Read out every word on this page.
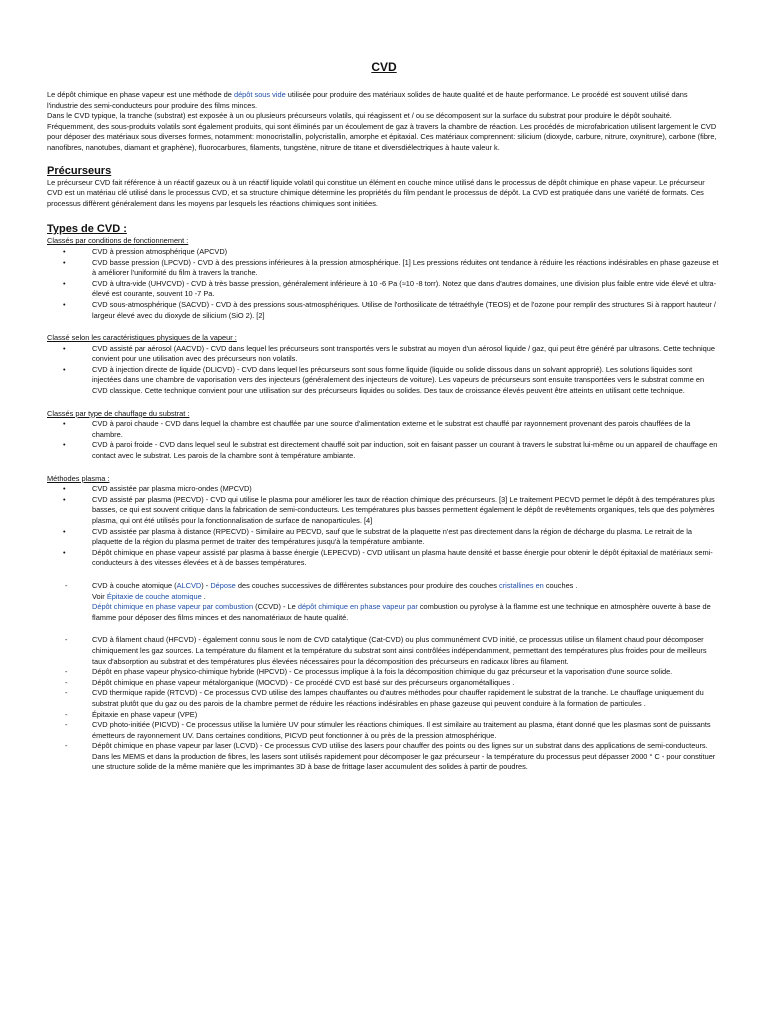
CVD

Le dépôt chimique en phase vapeur est une méthode de dépôt sous vide utilisée pour produire des matériaux solides de haute qualité et de haute performance. Le procédé est souvent utilisé dans l'industrie des semi-conducteurs pour produire des films minces.

Dans le CVD typique, la tranche (substrat) est exposée à un ou plusieurs précurseurs volatils, qui réagissent et / ou se décomposent sur la surface du substrat pour produire le dépôt souhaité. Fréquemment, des sous-produits volatils sont également produits, qui sont éliminés par un écoulement de gaz à travers la chambre de réaction. Les procédés de microfabrication utilisent largement le CVD pour déposer des matériaux sous diverses formes, notamment: monocristallin, polycristallin, amorphe et épitaxial. Ces matériaux comprennent: silicium (dioxyde, carbure, nitrure, oxynitrure), carbone (fibre, nanofibres, nanotubes, diamant et graphène), fluorocarbures, filaments, tungstène, nitrure de titane et diversdiélectriques à haute valeur k.

Précurseurs

Le précurseur CVD fait référence à un réactif gazeux ou à un réactif liquide volatil qui constitue un élément en couche mince utilisé dans le processus de dépôt chimique en phase vapeur. Le précurseur CVD est un matériau clé utilisé dans le processus CVD, et sa structure chimique détermine les propriétés du film pendant le processus de dépôt. La CVD est pratiquée dans une variété de formats. Ces processus diffèrent généralement dans les moyens par lesquels les réactions chimiques sont initiées.

Types de CVD :
Classés par conditions de fonctionnement :
• CVD à pression atmosphérique (APCVD)
• CVD basse pression (LPCVD) - CVD à des pressions inférieures à la pression atmosphérique. [1] Les pressions réduites ont tendance à réduire les réactions indésirables en phase gazeuse et à améliorer l'uniformité du film à travers la tranche.
• CVD à ultra-vide (UHVCVD) - CVD à très basse pression, généralement inférieure à 10 -6 Pa (≈10 -8 torr). Notez que dans d'autres domaines, une division plus faible entre vide élevé et ultra-élevé est courante, souvent 10 -7 Pa.
• CVD sous-atmosphérique (SACVD) - CVD à des pressions sous-atmosphériques. Utilise de l'orthosilicate de tétraéthyle (TEOS) et de l'ozone pour remplir des structures Si à rapport hauteur / largeur élevé avec du dioxyde de silicium (SiO 2). [2]
Classé selon les caractéristiques physiques de la vapeur :
• CVD assisté par aérosol (AACVD) - CVD dans lequel les précurseurs sont transportés vers le substrat au moyen d'un aérosol liquide / gaz, qui peut être généré par ultrasons. Cette technique convient pour une utilisation avec des précurseurs non volatils.
• CVD à injection directe de liquide (DLICVD) - CVD dans lequel les précurseurs sont sous forme liquide (liquide ou solide dissous dans un solvant approprié). Les solutions liquides sont injectées dans une chambre de vaporisation vers des injecteurs (généralement des injecteurs de voiture). Les vapeurs de précurseurs sont ensuite transportées vers le substrat comme en CVD classique. Cette technique convient pour une utilisation sur des précurseurs liquides ou solides. Des taux de croissance élevés peuvent être atteints en utilisant cette technique.
Classés par type de chauffage du substrat :
• CVD à paroi chaude - CVD dans lequel la chambre est chauffée par une source d'alimentation externe et le substrat est chauffé par rayonnement provenant des parois chauffées de la chambre.
• CVD à paroi froide - CVD dans lequel seul le substrat est directement chauffé soit par induction, soit en faisant passer un courant à travers le substrat lui-même ou un appareil de chauffage en contact avec le substrat. Les parois de la chambre sont à température ambiante.
Méthodes plasma :
• CVD assistée par plasma micro-ondes (MPCVD)
• CVD assisté par plasma (PECVD) - CVD qui utilise le plasma pour améliorer les taux de réaction chimique des précurseurs. [3] Le traitement PECVD permet le dépôt à des températures plus basses, ce qui est souvent critique dans la fabrication de semi-conducteurs. Les températures plus basses permettent également le dépôt de revêtements organiques, tels que des polymères plasma, qui ont été utilisés pour la fonctionnalisation de surface de nanoparticules. [4]
• CVD assistée par plasma à distance (RPECVD) - Similaire au PECVD, sauf que le substrat de la plaquette n'est pas directement dans la région de décharge du plasma. Le retrait de la plaquette de la région du plasma permet de traiter des températures jusqu'à la température ambiante.
• Dépôt chimique en phase vapeur assisté par plasma à basse énergie (LEPECVD) - CVD utilisant un plasma haute densité et basse énergie pour obtenir le dépôt épitaxial de matériaux semi-conducteurs à des vitesses élevées et à de basses températures.
- CVD à couche atomique (ALCVD) - Dépose des couches successives de différentes substances pour produire des couches cristallines en couches .
Voir Épitaxie de couche atomique .
Dépôt chimique en phase vapeur par combustion (CCVD) - Le dépôt chimique en phase vapeur par combustion ou pyrolyse à la flamme est une technique en atmosphère ouverte à base de flamme pour déposer des films minces et des nanomatériaux de haute qualité.
- CVD à filament chaud (HFCVD) - également connu sous le nom de CVD catalytique (Cat-CVD) ou plus communément CVD initié, ce processus utilise un filament chaud pour décomposer chimiquement les gaz sources. La température du filament et la température du substrat sont ainsi contrôlées indépendamment, permettant des températures plus froides pour de meilleurs taux d'absorption au substrat et des températures plus élevées nécessaires pour la décomposition des précurseurs en radicaux libres au filament.
- Dépôt en phase vapeur physico-chimique hybride (HPCVD) - Ce processus implique à la fois la décomposition chimique du gaz précurseur et la vaporisation d'une source solide.
- Dépôt chimique en phase vapeur métalorganique (MOCVD) - Ce procédé CVD est basé sur des précurseurs organométalliques .
- CVD thermique rapide (RTCVD) - Ce processus CVD utilise des lampes chauffantes ou d'autres méthodes pour chauffer rapidement le substrat de la tranche. Le chauffage uniquement du substrat plutôt que du gaz ou des parois de la chambre permet de réduire les réactions indésirables en phase gazeuse qui peuvent conduire à la formation de particules .
- Épitaxie en phase vapeur (VPE)
- CVD photo-initiée (PICVD) - Ce processus utilise la lumière UV pour stimuler les réactions chimiques. Il est similaire au traitement au plasma, étant donné que les plasmas sont de puissants émetteurs de rayonnement UV. Dans certaines conditions, PICVD peut fonctionner à ou près de la pression atmosphérique.
- Dépôt chimique en phase vapeur par laser (LCVD) - Ce processus CVD utilise des lasers pour chauffer des points ou des lignes sur un substrat dans des applications de semi-conducteurs. Dans les MEMS et dans la production de fibres, les lasers sont utilisés rapidement pour décomposer le gaz précurseur - la température du processus peut dépasser 2000 ° C - pour constituer une structure solide de la même manière que les imprimantes 3D à base de frittage laser accumulent des solides à partir de poudres.
